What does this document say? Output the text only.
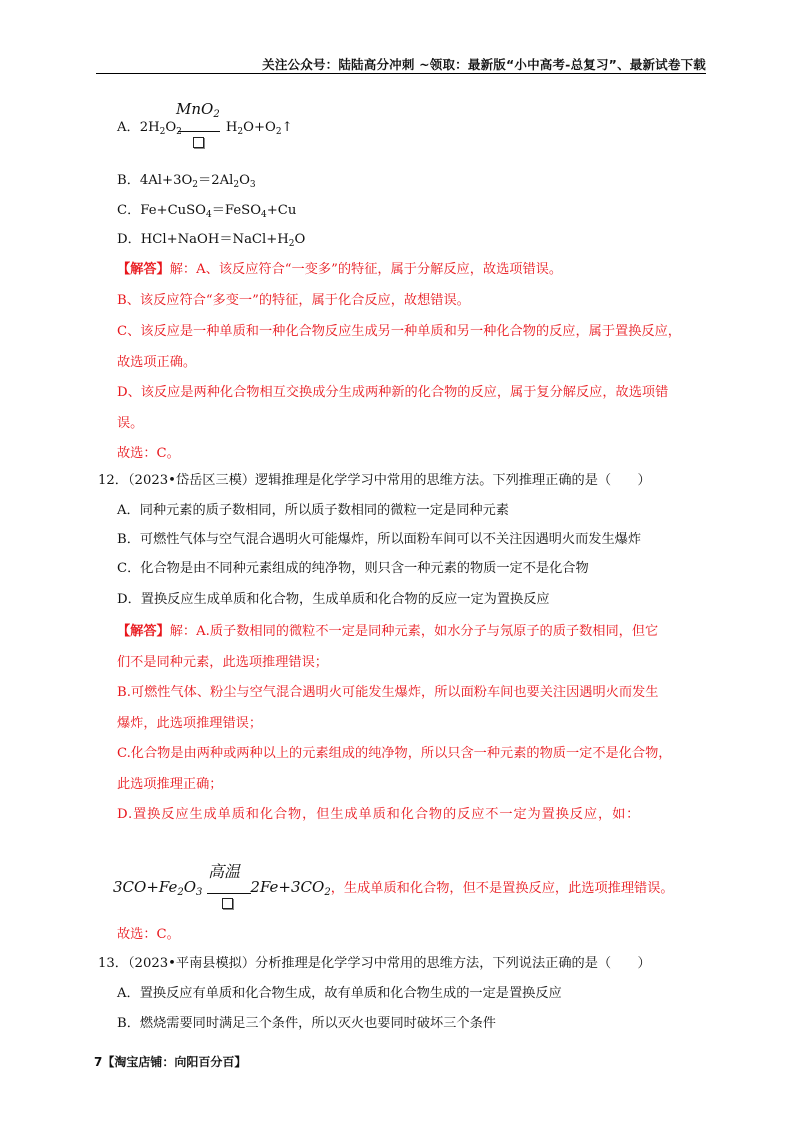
关注公众号：陆陆高分冲刺 ~领取：最新版“小中高考-总复习”、最新试卷下载
A．$2H_2O_2$	$H_2O+O_2↑$
MnO$_2$
B．$4Al+3O_2=2Al_2O_3$
C．Fe+CuSO$_4$＝FeSO$_4$+Cu
D．$HCl+NaOH=NaCl+H_2O$
【解答】解：A、该反应符合“一变多”的特征，属于分解反应，故选项错误。
B、该反应符合“多变一”的特征，属于化合反应，故想错误。
C、该反应是一种单质和一种化合物反应生成另一种单质和另一种化合物的反应，属于置换反应，
故选项正确。
D、该反应是两种化合物相互交换成分生成两种新的化合物的反应，属于复分解反应，故选项错
误。
故选：C。
12．（2023•岱岳区三模）逻辑推理是化学学习中常用的思维方法。下列推理正确的是（　　）
A．同种元素的质子数相同，所以质子数相同的微粒一定是同种元素
B．可燃性气体与空气混合遇明火可能爆炸，所以面粉车间可以不关注因遇明火而发生爆炸
C．化合物是由不同种元素组成的纯净物，则只含一种元素的物质一定不是化合物
D．置换反应生成单质和化合物，生成单质和化合物的反应一定为置换反应
【解答】解：A.质子数相同的微粒不一定是同种元素，如水分子与氖原子的质子数相同，但它
们不是同种元素，此选项推理错误；
B.可燃性气体、粉尘与空气混合遇明火可能发生爆炸，所以面粉车间也要关注因遇明火而发生
爆炸，此选项推理错误；
C.化合物是由两种或两种以上的元素组成的纯净物，所以只含一种元素的物质一定不是化合物，
此选项推理正确；
D.置换反应生成单质和化合物，但生成单质和化合物的反应不一定为置换反应，如：
$3CO+Fe_2O_3$	$2Fe+3CO_2$，生成单质和化合物，但不是置换反应，此选项推理错误。
高温
故选：C。
13．（2023•平南县模拟）分析推理是化学学习中常用的思维方法，下列说法正确的是（　　）
A．置换反应有单质和化合物生成，故有单质和化合物生成的一定是置换反应
B．燃烧需要同时满足三个条件，所以灭火也要同时破坏三个条件
7【淘宝店铺：向阳百分百】
